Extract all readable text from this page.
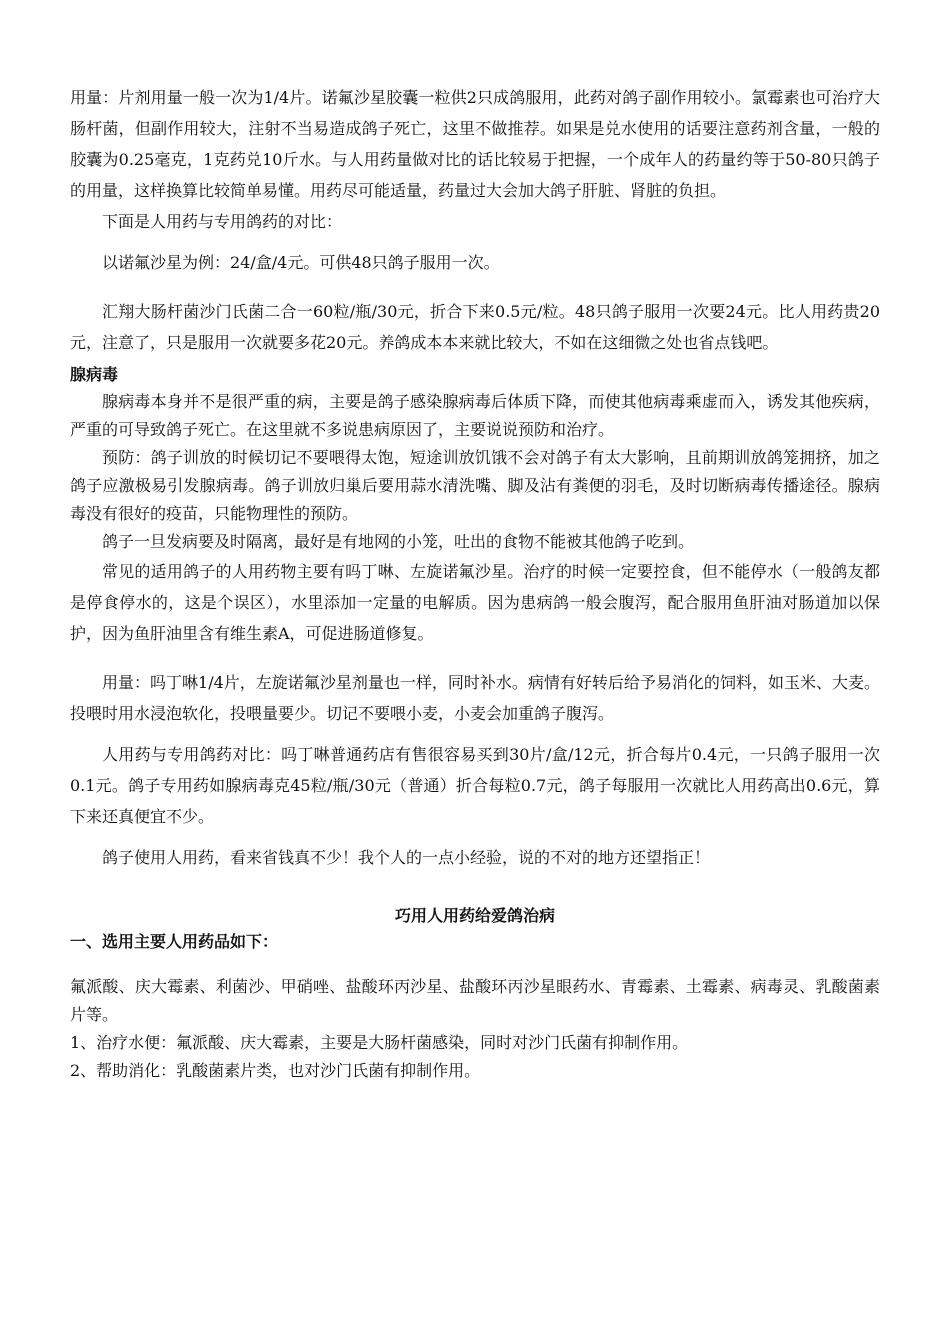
用量：片剂用量一般一次为1/4片。诺氟沙星胶囊一粒供2只成鸽服用，此药对鸽子副作用较小。氯霉素也可治疗大肠杆菌，但副作用较大，注射不当易造成鸽子死亡，这里不做推荐。如果是兑水使用的话要注意药剂含量，一般的胶囊为0.25毫克，1克药兑10斤水。与人用药量做对比的话比较易于把握，一个成年人的药量约等于50-80只鸽子的用量，这样换算比较简单易懂。用药尽可能适量，药量过大会加大鸽子肝脏、肾脏的负担。

下面是人用药与专用鸽药的对比：

以诺氟沙星为例：24/盒/4元。可供48只鸽子服用一次。

汇翔大肠杆菌沙门氏菌二合一60粒/瓶/30元，折合下来0.5元/粒。48只鸽子服用一次要24元。比人用药贵20元，注意了，只是服用一次就要多花20元。养鸽成本本来就比较大，不如在这细微之处也省点钱吧。

腺病毒

腺病毒本身并不是很严重的病，主要是鸽子感染腺病毒后体质下降，而使其他病毒乘虚而入，诱发其他疾病，严重的可导致鸽子死亡。在这里就不多说患病原因了，主要说说预防和治疗。

预防：鸽子训放的时候切记不要喂得太饱，短途训放饥饿不会对鸽子有太大影响，且前期训放鸽笼拥挤，加之鸽子应激极易引发腺病毒。鸽子训放归巢后要用蒜水清洗嘴、脚及沾有粪便的羽毛，及时切断病毒传播途径。腺病毒没有很好的疫苗，只能物理性的预防。

鸽子一旦发病要及时隔离，最好是有地网的小笼，吐出的食物不能被其他鸽子吃到。

常见的适用鸽子的人用药物主要有吗丁啉、左旋诺氟沙星。治疗的时候一定要控食，但不能停水（一般鸽友都是停食停水的，这是个误区），水里添加一定量的电解质。因为患病鸽一般会腹泻，配合服用鱼肝油对肠道加以保护，因为鱼肝油里含有维生素A，可促进肠道修复。

用量：吗丁啉1/4片，左旋诺氟沙星剂量也一样，同时补水。病情有好转后给予易消化的饲料，如玉米、大麦。投喂时用水浸泡软化，投喂量要少。切记不要喂小麦，小麦会加重鸽子腹泻。

人用药与专用鸽药对比：吗丁啉普通药店有售很容易买到30片/盒/12元，折合每片0.4元，一只鸽子服用一次0.1元。鸽子专用药如腺病毒克45粒/瓶/30元（普通）折合每粒0.7元，鸽子每服用一次就比人用药高出0.6元，算下来还真便宜不少。

鸽子使用人用药，看来省钱真不少！我个人的一点小经验，说的不对的地方还望指正！

巧用人用药给爱鸽治病
一、选用主要人用药品如下：

氟派酸、庆大霉素、利菌沙、甲硝唑、盐酸环丙沙星、盐酸环丙沙星眼药水、青霉素、土霉素、病毒灵、乳酸菌素片等。

1、治疗水便：氟派酸、庆大霉素，主要是大肠杆菌感染，同时对沙门氏菌有抑制作用。

2、帮助消化：乳酸菌素片类，也对沙门氏菌有抑制作用。
